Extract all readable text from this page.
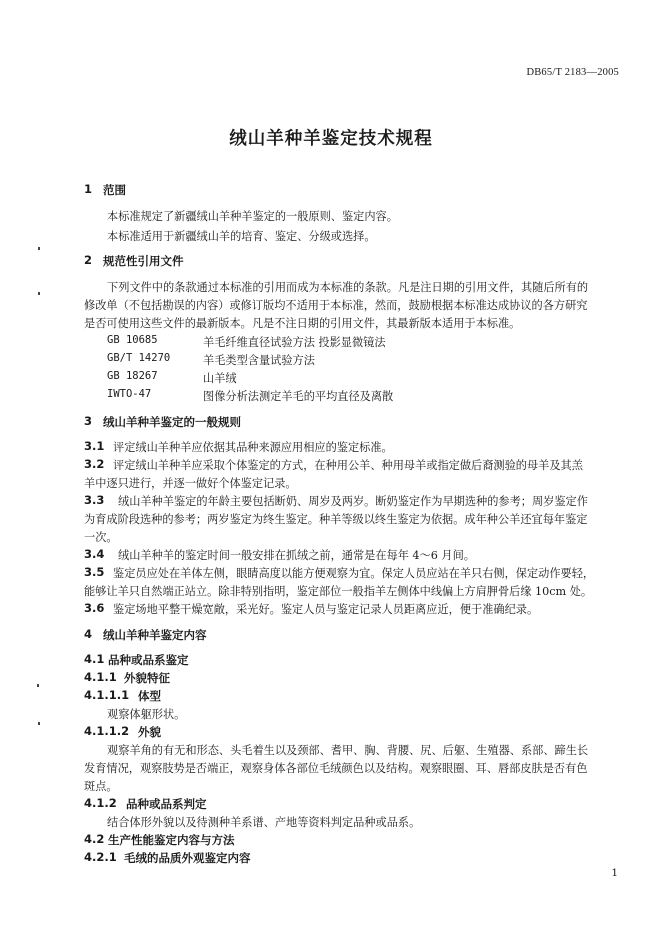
DB65/T 2183—2005
绒山羊种羊鉴定技术规程
1 范围
本标准规定了新疆绒山羊种羊鉴定的一般原则、鉴定内容。
本标准适用于新疆绒山羊的培育、鉴定、分级或选择。
2 规范性引用文件
下列文件中的条款通过本标准的引用而成为本标准的条款。凡是注日期的引用文件，其随后所有的
修改单（不包括勘误的内容）或修订版均不适用于本标准，然而，鼓励根据本标准达成协议的各方研究
是否可使用这些文件的最新版本。凡是不注日期的引用文件，其最新版本适用于本标准。
GB 10685	羊毛纤维直径试验方法 投影显微镜法
GB/T 14270	羊毛类型含量试验方法
GB 18267	山羊绒
IWTO-47	图像分析法测定羊毛的平均直径及离散
3 绒山羊种羊鉴定的一般规则
3.1 评定绒山羊种羊应依据其品种来源应用相应的鉴定标准。
3.2 评定绒山羊种羊应采取个体鉴定的方式，在种用公羊、种用母羊或指定做后裔测验的母羊及其羔
羊中逐只进行，并逐一做好个体鉴定记录。
3.3 绒山羊种羊鉴定的年龄主要包括断奶、周岁及两岁。断奶鉴定作为早期选种的参考；周岁鉴定作
为育成阶段选种的参考；两岁鉴定为终生鉴定。种羊等级以终生鉴定为依据。成年种公羊还宜每年鉴定
一次。
3.4 绒山羊种羊的鉴定时间一般安排在抓绒之前，通常是在每年 4～6 月间。
3.5 鉴定员应处在羊体左侧，眼睛高度以能方便观察为宜。保定人员应站在羊只右侧，保定动作要轻，
能够让羊只自然端正站立。除非特别指明，鉴定部位一般指羊左侧体中线偏上方肩胛骨后缘 10cm 处。
3.6 鉴定场地平整干燥宽敞，采光好。鉴定人员与鉴定记录人员距离应近，便于准确纪录。
4 绒山羊种羊鉴定内容
4.1 品种或品系鉴定
4.1.1 外貌特征
4.1.1.1 体型
观察体躯形状。
4.1.1.2 外貌
观察羊角的有无和形态、头毛着生以及颈部、耆甲、胸、背腰、尻、后躯、生殖器、系部、蹄生长
发育情况，观察肢势是否端正，观察身体各部位毛绒颜色以及结构。观察眼圈、耳、唇部皮肤是否有色
斑点。
4.1.2 品种或品系判定
结合体形外貌以及待测种羊系谱、产地等资料判定品种或品系。
4.2 生产性能鉴定内容与方法
4.2.1 毛绒的品质外观鉴定内容
1
